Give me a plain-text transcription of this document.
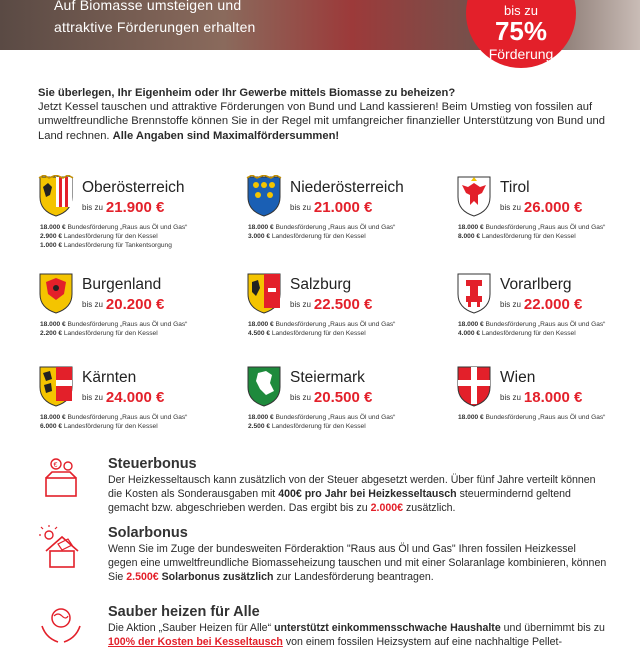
Auf Biomasse umsteigen und
attraktive Förderungen erhalten
bis zu
75%
Förderung
Sie überlegen, Ihr Eigenheim oder Ihr Gewerbe mittels Biomasse zu beheizen?
Jetzt Kessel tauschen und attraktive Förderungen von Bund und Land kassieren! Beim Umstieg von fossilen auf umweltfreundliche Brennstoffe können Sie in der Regel mit umfangreicher finanzieller Unterstützung von Bund und Land rechnen. Alle Angaben sind Maximalfördersummen!
Oberösterreich
bis zu 21.900 €
18.000 € Bundesförderung „Raus aus Öl und Gas“
2.900 € Landesförderung für den Kessel
1.000 € Landesförderung für Tankentsorgung
Niederösterreich
bis zu 21.000 €
18.000 € Bundesförderung „Raus aus Öl und Gas“
3.000 € Landesförderung für den Kessel
Tirol
bis zu 26.000 €
18.000 € Bundesförderung „Raus aus Öl und Gas“
8.000 € Landesförderung für den Kessel
Burgenland
bis zu 20.200 €
18.000 € Bundesförderung „Raus aus Öl und Gas“
2.200 € Landesförderung für den Kessel
Salzburg
bis zu 22.500 €
18.000 € Bundesförderung „Raus aus Öl und Gas“
4.500 € Landesförderung für den Kessel
Vorarlberg
bis zu 22.000 €
18.000 € Bundesförderung „Raus aus Öl und Gas“
4.000 € Landesförderung für den Kessel
Kärnten
bis zu 24.000 €
18.000 € Bundesförderung „Raus aus Öl und Gas“
6.000 € Landesförderung für den Kessel
Steiermark
bis zu 20.500 €
18.000 € Bundesförderung „Raus aus Öl und Gas“
2.500 € Landesförderung für den Kessel
Wien
bis zu 18.000 €
18.000 € Bundesförderung „Raus aus Öl und Gas“
€	Steuerbonus
Der Heizkesseltausch kann zusätzlich von der Steuer abgesetzt werden. Über fünf Jahre verteilt können die Kosten als Sonderausgaben mit 400€ pro Jahr bei Heizkesseltausch steuermindernd geltend gemacht bzw. abgeschrieben werden. Das ergibt bis zu 2.000€ zusätzlich.
Solarbonus
Wenn Sie im Zuge der bundesweiten Förderaktion "Raus aus Öl und Gas" Ihren fossilen Heizkessel gegen eine umweltfreundliche Biomasseheizung tauschen und mit einer Solaranlage kombinieren, können Sie 2.500€ Solarbonus zusätzlich zur Landesförderung beantragen.
Sauber heizen für Alle
Die Aktion „Sauber Heizen für Alle“ unterstützt einkommensschwache Haushalte und übernimmt bis zu 100% der Kosten bei Kesseltausch von einem fossilen Heizsystem auf eine nachhaltige Pellet-
